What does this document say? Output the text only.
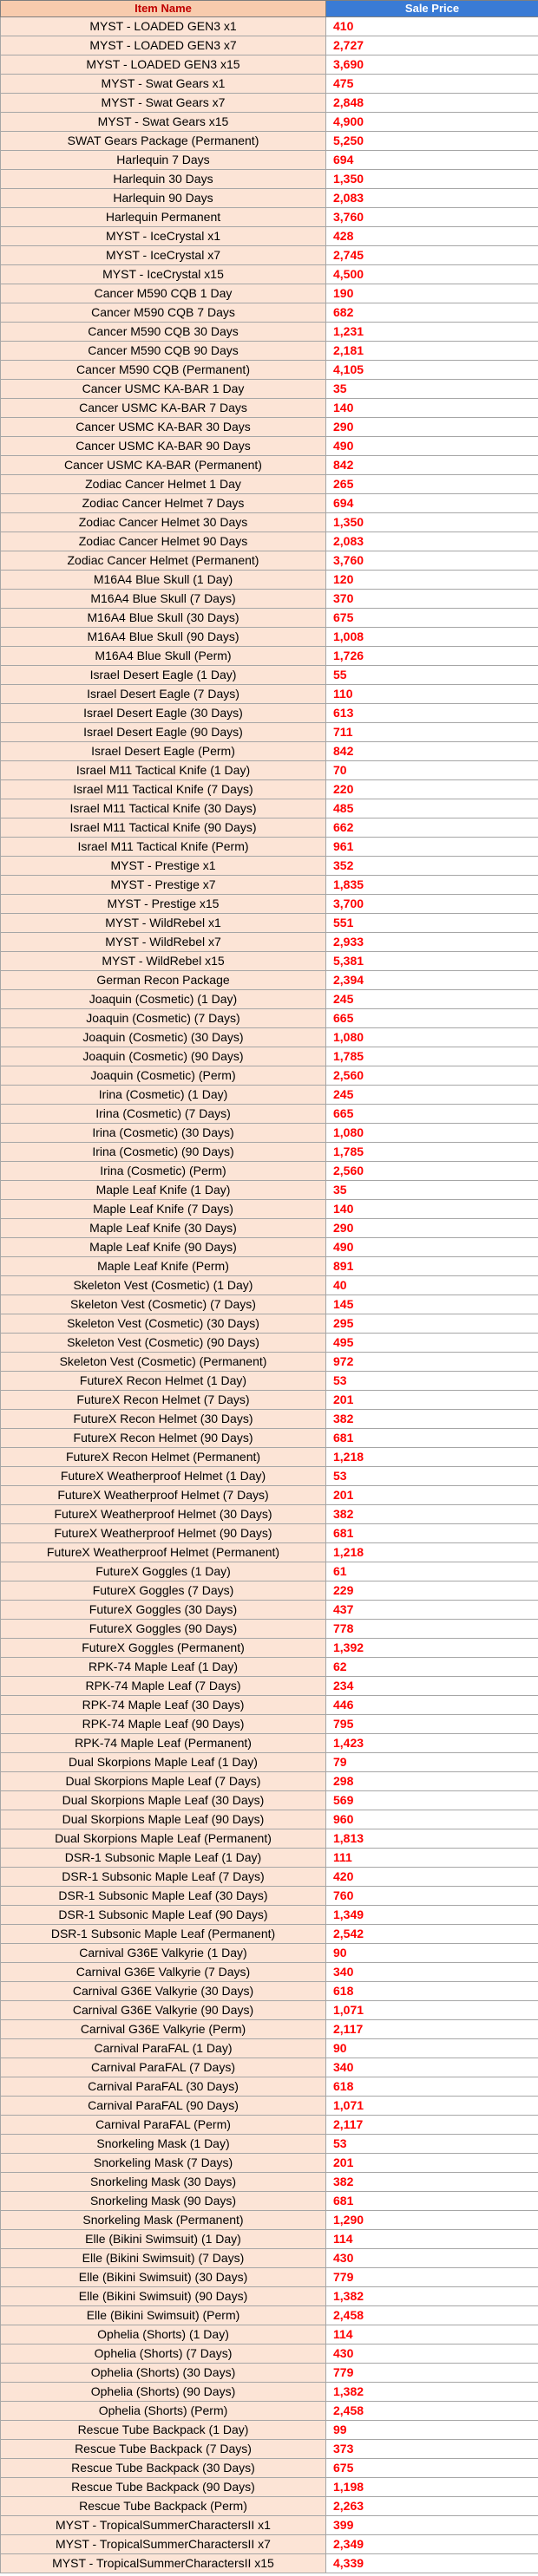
Item Name	Sale Price
MYST - LOADED GEN3 x1	410
MYST - LOADED GEN3 x7	2,727
MYST - LOADED GEN3 x15	3,690
MYST - Swat Gears x1	475
MYST - Swat Gears x7	2,848
MYST - Swat Gears x15	4,900
SWAT Gears Package (Permanent)	5,250
Harlequin 7 Days	694
Harlequin 30 Days	1,350
Harlequin 90 Days	2,083
Harlequin Permanent	3,760
MYST - IceCrystal x1	428
MYST - IceCrystal x7	2,745
MYST - IceCrystal x15	4,500
Cancer M590 CQB 1 Day	190
Cancer M590 CQB 7 Days	682
Cancer M590 CQB 30 Days	1,231
Cancer M590 CQB 90 Days	2,181
Cancer M590 CQB (Permanent)	4,105
Cancer USMC KA-BAR 1 Day	35
Cancer USMC KA-BAR 7 Days	140
Cancer USMC KA-BAR 30 Days	290
Cancer USMC KA-BAR 90 Days	490
Cancer USMC KA-BAR (Permanent)	842
Zodiac Cancer Helmet 1 Day	265
Zodiac Cancer Helmet 7 Days	694
Zodiac Cancer Helmet 30 Days	1,350
Zodiac Cancer Helmet 90 Days	2,083
Zodiac Cancer Helmet (Permanent)	3,760
M16A4 Blue Skull (1 Day)	120
M16A4 Blue Skull (7 Days)	370
M16A4 Blue Skull (30 Days)	675
M16A4 Blue Skull (90 Days)	1,008
M16A4 Blue Skull (Perm)	1,726
Israel Desert Eagle (1 Day)	55
Israel Desert Eagle (7 Days)	110
Israel Desert Eagle (30 Days)	613
Israel Desert Eagle (90 Days)	711
Israel Desert Eagle (Perm)	842
Israel M11 Tactical Knife (1 Day)	70
Israel M11 Tactical Knife (7 Days)	220
Israel M11 Tactical Knife (30 Days)	485
Israel M11 Tactical Knife (90 Days)	662
Israel M11 Tactical Knife (Perm)	961
MYST - Prestige x1	352
MYST - Prestige x7	1,835
MYST - Prestige x15	3,700
MYST - WildRebel x1	551
MYST - WildRebel x7	2,933
MYST - WildRebel x15	5,381
German Recon Package	2,394
Joaquin (Cosmetic) (1 Day)	245
Joaquin (Cosmetic) (7 Days)	665
Joaquin (Cosmetic) (30 Days)	1,080
Joaquin (Cosmetic) (90 Days)	1,785
Joaquin (Cosmetic) (Perm)	2,560
Irina (Cosmetic) (1 Day)	245
Irina (Cosmetic) (7 Days)	665
Irina (Cosmetic) (30 Days)	1,080
Irina (Cosmetic) (90 Days)	1,785
Irina (Cosmetic) (Perm)	2,560
Maple Leaf Knife (1 Day)	35
Maple Leaf Knife (7 Days)	140
Maple Leaf Knife (30 Days)	290
Maple Leaf Knife (90 Days)	490
Maple Leaf Knife (Perm)	891
Skeleton Vest (Cosmetic) (1 Day)	40
Skeleton Vest (Cosmetic) (7 Days)	145
Skeleton Vest (Cosmetic) (30 Days)	295
Skeleton Vest (Cosmetic) (90 Days)	495
Skeleton Vest (Cosmetic) (Permanent)	972
FutureX Recon Helmet (1 Day)	53
FutureX Recon Helmet (7 Days)	201
FutureX Recon Helmet (30 Days)	382
FutureX Recon Helmet (90 Days)	681
FutureX Recon Helmet (Permanent)	1,218
FutureX Weatherproof Helmet (1 Day)	53
FutureX Weatherproof Helmet (7 Days)	201
FutureX Weatherproof Helmet (30 Days)	382
FutureX Weatherproof Helmet (90 Days)	681
FutureX Weatherproof Helmet (Permanent)	1,218
FutureX Goggles (1 Day)	61
FutureX Goggles (7 Days)	229
FutureX Goggles (30 Days)	437
FutureX Goggles (90 Days)	778
FutureX Goggles (Permanent)	1,392
RPK-74 Maple Leaf (1 Day)	62
RPK-74 Maple Leaf (7 Days)	234
RPK-74 Maple Leaf (30 Days)	446
RPK-74 Maple Leaf (90 Days)	795
RPK-74 Maple Leaf (Permanent)	1,423
Dual Skorpions Maple Leaf (1 Day)	79
Dual Skorpions Maple Leaf (7 Days)	298
Dual Skorpions Maple Leaf (30 Days)	569
Dual Skorpions Maple Leaf (90 Days)	960
Dual Skorpions Maple Leaf (Permanent)	1,813
DSR-1 Subsonic Maple Leaf (1 Day)	111
DSR-1 Subsonic Maple Leaf (7 Days)	420
DSR-1 Subsonic Maple Leaf (30 Days)	760
DSR-1 Subsonic Maple Leaf (90 Days)	1,349
DSR-1 Subsonic Maple Leaf (Permanent)	2,542
Carnival G36E Valkyrie (1 Day)	90
Carnival G36E Valkyrie (7 Days)	340
Carnival G36E Valkyrie (30 Days)	618
Carnival G36E Valkyrie (90 Days)	1,071
Carnival G36E Valkyrie (Perm)	2,117
Carnival ParaFAL (1 Day)	90
Carnival ParaFAL (7 Days)	340
Carnival ParaFAL (30 Days)	618
Carnival ParaFAL (90 Days)	1,071
Carnival ParaFAL (Perm)	2,117
Snorkeling Mask (1 Day)	53
Snorkeling Mask (7 Days)	201
Snorkeling Mask (30 Days)	382
Snorkeling Mask (90 Days)	681
Snorkeling Mask (Permanent)	1,290
Elle (Bikini Swimsuit) (1 Day)	114
Elle (Bikini Swimsuit) (7 Days)	430
Elle (Bikini Swimsuit) (30 Days)	779
Elle (Bikini Swimsuit) (90 Days)	1,382
Elle (Bikini Swimsuit) (Perm)	2,458
Ophelia (Shorts) (1 Day)	114
Ophelia (Shorts) (7 Days)	430
Ophelia (Shorts) (30 Days)	779
Ophelia (Shorts) (90 Days)	1,382
Ophelia (Shorts) (Perm)	2,458
Rescue Tube Backpack (1 Day)	99
Rescue Tube Backpack (7 Days)	373
Rescue Tube Backpack (30 Days)	675
Rescue Tube Backpack (90 Days)	1,198
Rescue Tube Backpack (Perm)	2,263
MYST - TropicalSummerCharactersII x1	399
MYST - TropicalSummerCharactersII x7	2,349
MYST - TropicalSummerCharactersII x15	4,339
